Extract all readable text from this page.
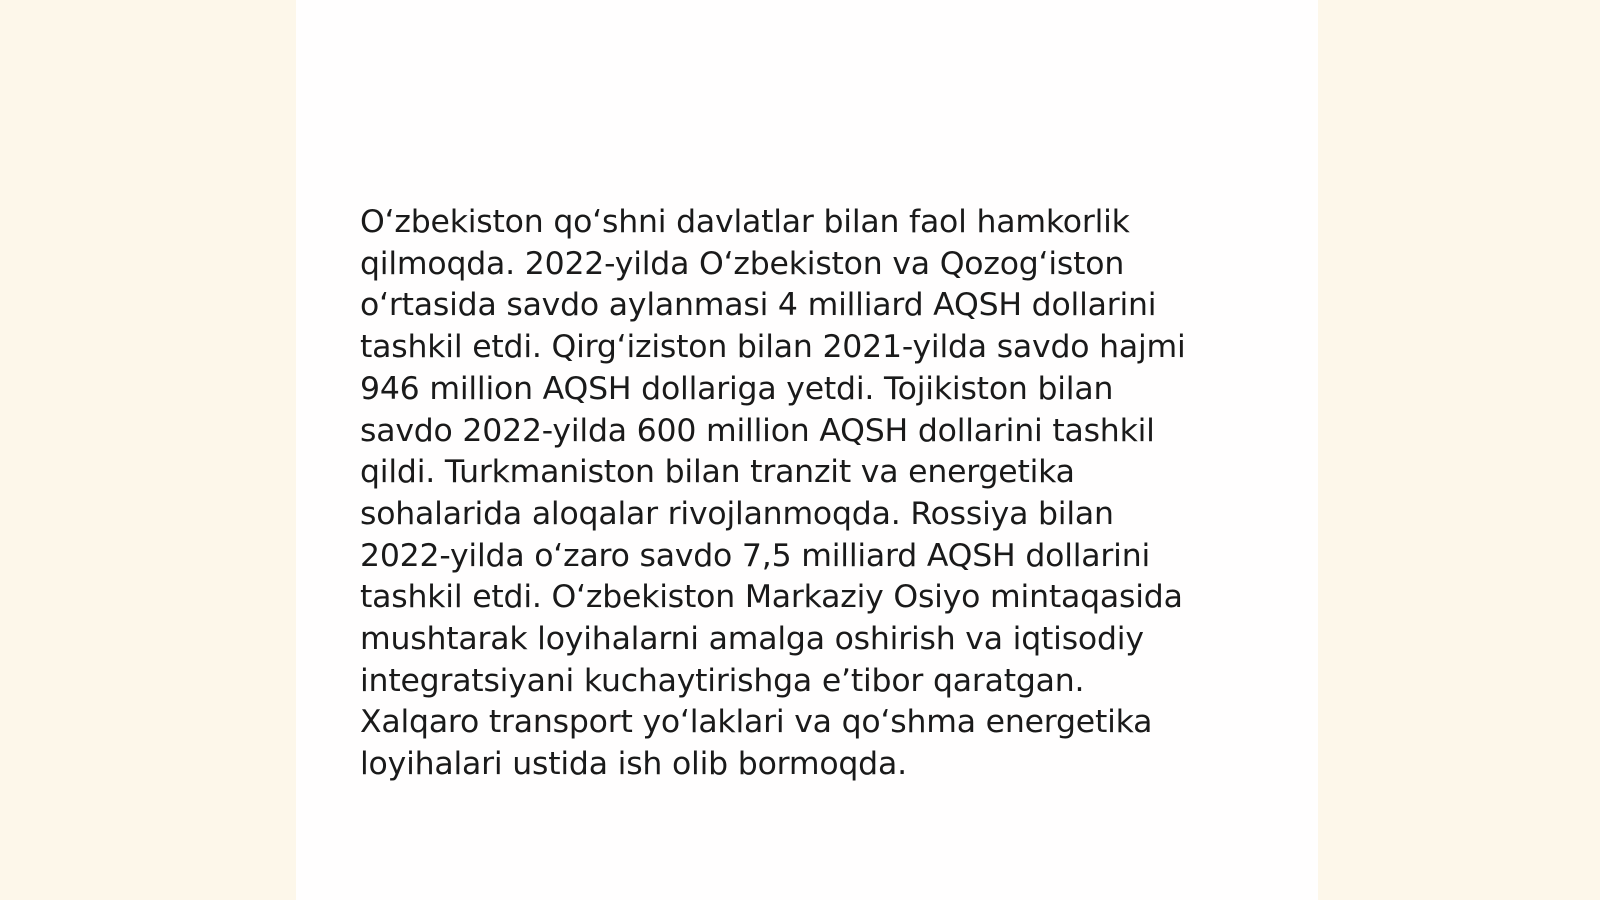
Oʻzbekiston qoʻshni davlatlar bilan faol hamkorlik
qilmoqda. 2022-yilda Oʻzbekiston va Qozogʻiston
oʻrtasida savdo aylanmasi 4 milliard AQSH dollarini
tashkil etdi. Qirgʻiziston bilan 2021-yilda savdo hajmi
946 million AQSH dollariga yetdi. Tojikiston bilan
savdo 2022-yilda 600 million AQSH dollarini tashkil
qildi. Turkmaniston bilan tranzit va energetika
sohalarida aloqalar rivojlanmoqda. Rossiya bilan
2022-yilda oʻzaro savdo 7,5 milliard AQSH dollarini
tashkil etdi. Oʻzbekiston Markaziy Osiyo mintaqasida
mushtarak loyihalarni amalga oshirish va iqtisodiy
integratsiyani kuchaytirishga eʼtibor qaratgan.
Xalqaro transport yoʻlaklari va qoʻshma energetika
loyihalari ustida ish olib bormoqda.
